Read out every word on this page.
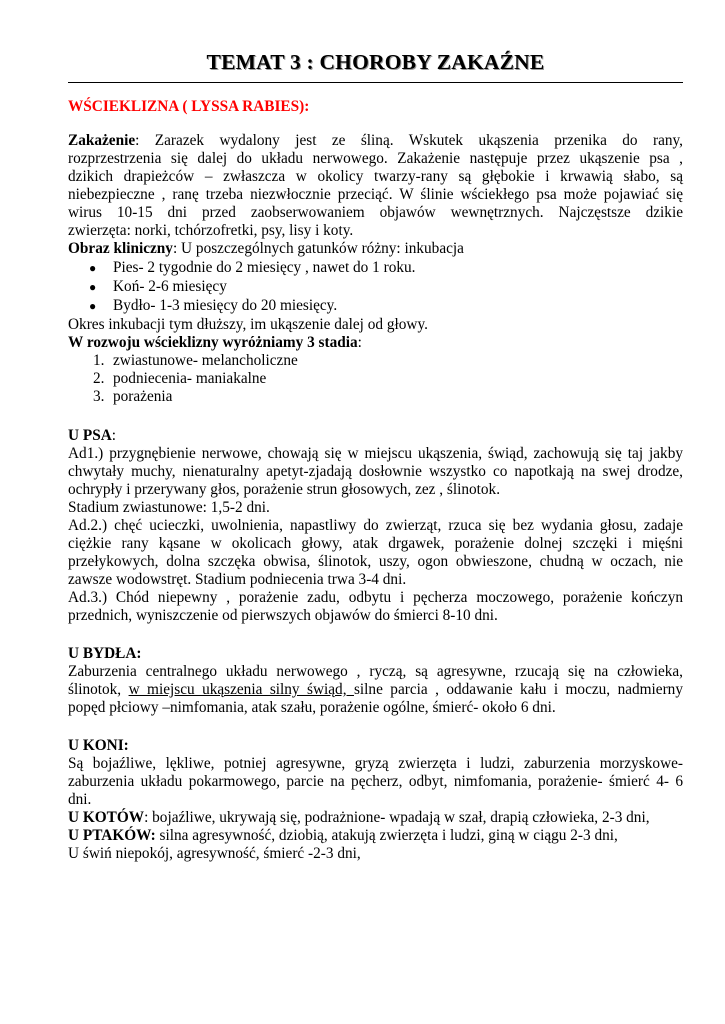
TEMAT 3 : CHOROBY ZAKAŹNE
WŚCIEKLIZNA ( LYSSA RABIES):
Zakażenie: Zarazek wydalony jest ze śliną. Wskutek ukąszenia przenika do rany,
rozprzestrzenia się dalej do układu nerwowego. Zakażenie następuje przez ukąszenie psa ,
dzikich drapieżców – zwłaszcza w okolicy twarzy-rany są głębokie i krwawią słabo, są
niebezpieczne , ranę trzeba niezwłocznie przeciąć. W ślinie wściekłego psa może pojawiać się
wirus 10-15 dni przed zaobserwowaniem objawów wewnętrznych. Najczęstsze dzikie
zwierzęta: norki, tchórzofretki, psy, lisy i koty.
Obraz kliniczny: U poszczególnych gatunków różny: inkubacja
● Pies- 2 tygodnie do 2 miesięcy , nawet do 1 roku.
● Koń- 2-6 miesięcy
● Bydło- 1-3 miesięcy do 20 miesięcy.
Okres inkubacji tym dłuższy, im ukąszenie dalej od głowy.
W rozwoju wścieklizny wyróżniamy 3 stadia:
1. zwiastunowe- melancholiczne
2. podniecenia- maniakalne
3. porażenia
U PSA:
Ad1.) przygnębienie nerwowe, chowają się w miejscu ukąszenia, świąd, zachowują się taj jakby
chwytały muchy, nienaturalny apetyt-zjadają dosłownie wszystko co napotkają na swej drodze,
ochrypły i przerywany głos, porażenie strun głosowych, zez , ślinotok.
Stadium zwiastunowe: 1,5-2 dni.
Ad.2.) chęć ucieczki, uwolnienia, napastliwy do zwierząt, rzuca się bez wydania głosu, zadaje
ciężkie rany kąsane w okolicach głowy, atak drgawek, porażenie dolnej szczęki i mięśni
przełykowych, dolna szczęka obwisa, ślinotok, uszy, ogon obwieszone, chudną w oczach, nie
zawsze wodowstręt. Stadium podniecenia trwa 3-4 dni.
Ad.3.) Chód niepewny , porażenie zadu, odbytu i pęcherza moczowego, porażenie kończyn
przednich, wyniszczenie od pierwszych objawów do śmierci 8-10 dni.
U BYDŁA:
Zaburzenia centralnego układu nerwowego , ryczą, są agresywne, rzucają się na człowieka,
ślinotok, w miejscu ukąszenia silny świąd, silne parcia , oddawanie kału i moczu, nadmierny
popęd płciowy –nimfomania, atak szału, porażenie ogólne, śmierć- około 6 dni.
U KONI:
Są bojaźliwe, lękliwe, potniej agresywne, gryzą zwierzęta i ludzi, zaburzenia morzyskowe-
zaburzenia układu pokarmowego, parcie na pęcherz, odbyt, nimfomania, porażenie- śmierć 4- 6
dni.
U KOTÓW: bojaźliwe, ukrywają się, podrażnione- wpadają w szał, drapią człowieka, 2-3 dni,
U PTAKÓW: silna agresywność, dziobią, atakują zwierzęta i ludzi, giną w ciągu 2-3 dni,
U świń niepokój, agresywność, śmierć -2-3 dni,
